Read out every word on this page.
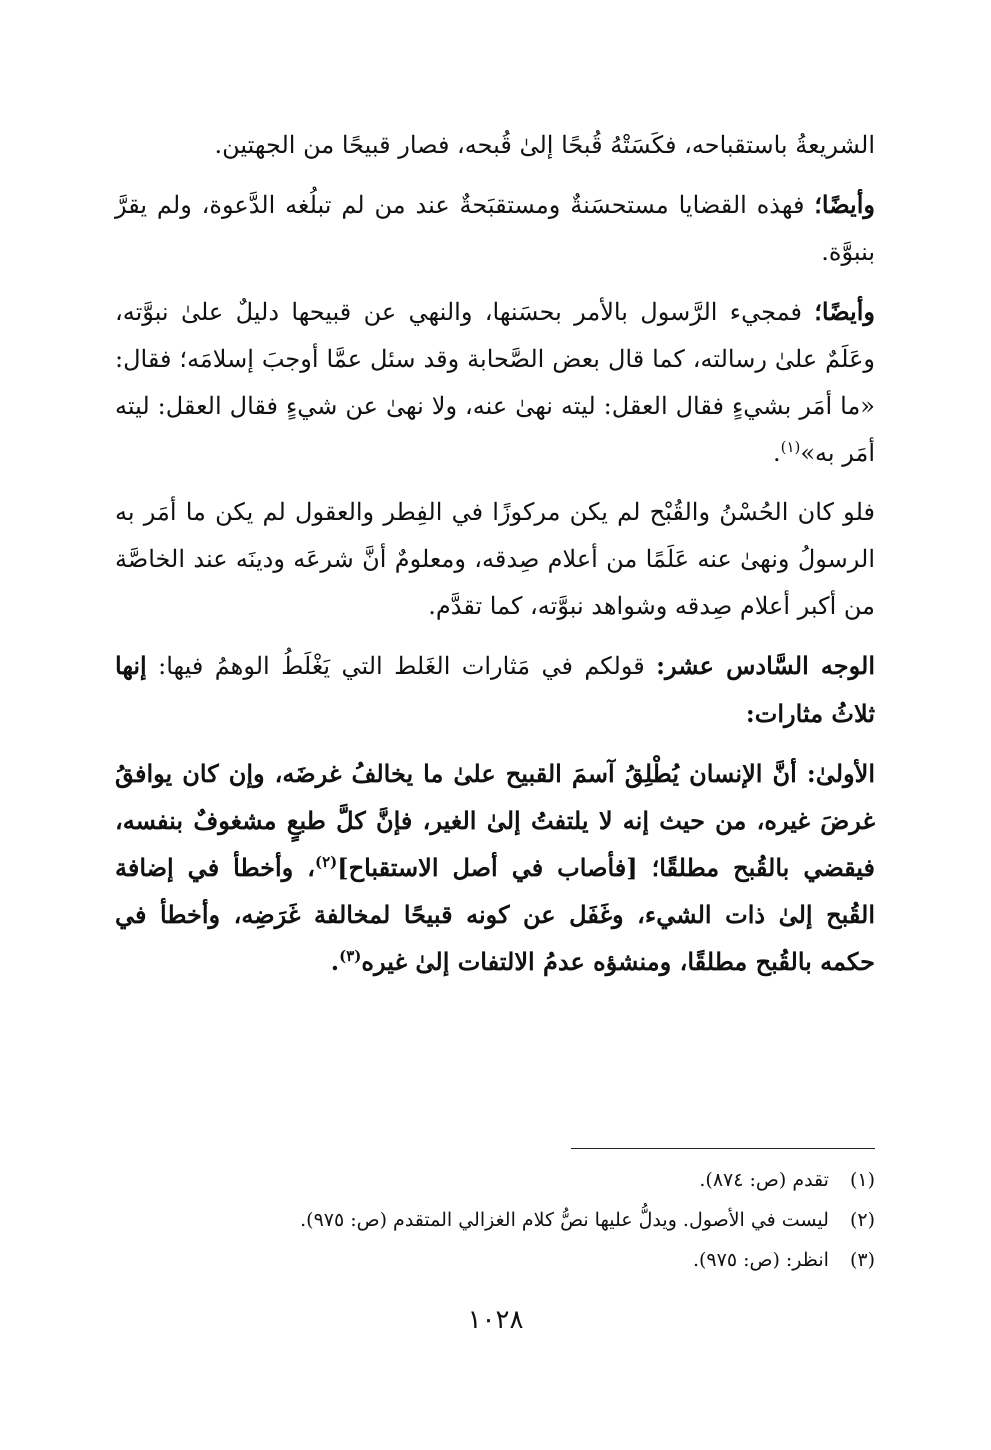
الشريعةُ باستقباحه، فكَسَتْهُ قُبحًا إلىٰ قُبحه، فصار قبيحًا من الجهتين.

وأيضًا؛ فهذه القضايا مستحسَنةٌ ومستقبَحةٌ عند من لم تبلُغه الدَّعوة، ولم يقرَّ بنبوَّة.

وأيضًا؛ فمجيء الرَّسول بالأمر بحسَنها، والنهي عن قبيحها دليلٌ علىٰ نبوَّته، وعَلَمٌ علىٰ رسالته، كما قال بعض الصَّحابة وقد سئل عمَّا أوجبَ إسلامَه؛ فقال: «ما أمَر بشيءٍ فقال العقل: ليته نهىٰ عنه، ولا نهىٰ عن شيءٍ فقال العقل: ليته أمَر به»$^{(١)}$.

فلو كان الحُسْنُ والقُبْح لم يكن مركوزًا في الفِطر والعقول لم يكن ما أمَر به الرسولُ ونهىٰ عنه عَلَمًا من أعلام صِدقه، ومعلومٌ أنَّ شرعَه ودينَه عند الخاصَّة من أكبر أعلام صِدقه وشواهد نبوَّته، كما تقدَّم.

الوجه السَّادس عشر: قولكم في مَثارات الغَلط التي يَغْلَطُ الوهمُ فيها: إنها ثلاثُ مثارات:

الأولىٰ: أنَّ الإنسان يُطْلِقُ آسمَ القبيح علىٰ ما يخالفُ غرضَه، وإن كان يوافقُ غرضَ غيره، من حيث إنه لا يلتفتُ إلىٰ الغير، فإنَّ كلَّ طبعٍ مشغوفٌ بنفسه، فيقضي بالقُبح مطلقًا؛ [فأصاب في أصل الاستقباح]$^{(٢)}$، وأخطأ في إضافة القُبح إلىٰ ذات الشيء، وغَفَل عن كونه قبيحًا لمخالفة غَرَضِه، وأخطأ في حكمه بالقُبح مطلقًا، ومنشؤه عدمُ الالتفات إلىٰ غيره$^{(٣)}$.

(١) تقدم (ص: ٨٧٤).
(٢) ليست في الأصول. ويدلُّ عليها نصُّ كلام الغزالي المتقدم (ص: ٩٧٥).
(٣) انظر: (ص: ٩٧٥).
١٠٢٨
